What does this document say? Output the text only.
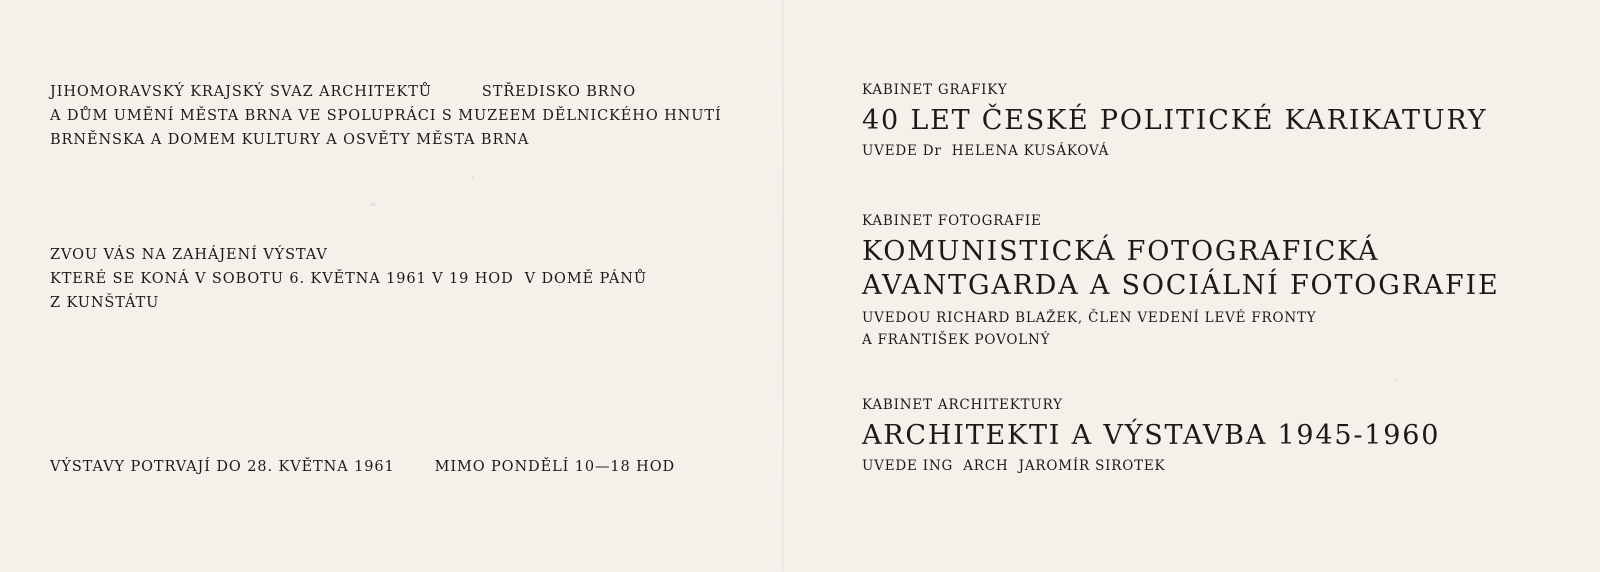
JIHOMORAVSKÝ KRAJSKÝ SVAZ ARCHITEKTŮ	STŘEDISKO BRNO
A DŮM UMĚNÍ MĚSTA BRNA VE SPOLUPRÁCI S MUZEEM DĚLNICKÉHO HNUTÍ
BRNĚNSKA A DOMEM KULTURY A OSVĚTY MĚSTA BRNA
ZVOU VÁS NA ZAHÁJENÍ VÝSTAV
KTERÉ SE KONÁ V SOBOTU 6. KVĚTNA 1961 V 19 HOD  V DOMĚ PÁNŮ
Z KUNŠTÁTU
VÝSTAVY POTRVAJÍ DO 28. KVĚTNA 1961	MIMO PONDĚLÍ 10—18 HOD
KABINET GRAFIKY
40 LET ČESKÉ POLITICKÉ KARIKATURY
UVEDE Dr  HELENA KUSÁKOVÁ
KABINET FOTOGRAFIE
KOMUNISTICKÁ FOTOGRAFICKÁ
AVANTGARDA A SOCIÁLNÍ FOTOGRAFIE
UVEDOU RICHARD BLAŽEK, ČLEN VEDENÍ LEVÉ FRONTY
A FRANTIŠEK POVOLNÝ
KABINET ARCHITEKTURY
ARCHITEKTI A VÝSTAVBA 1945-1960
UVEDE ING  ARCH  JAROMÍR SIROTEK
